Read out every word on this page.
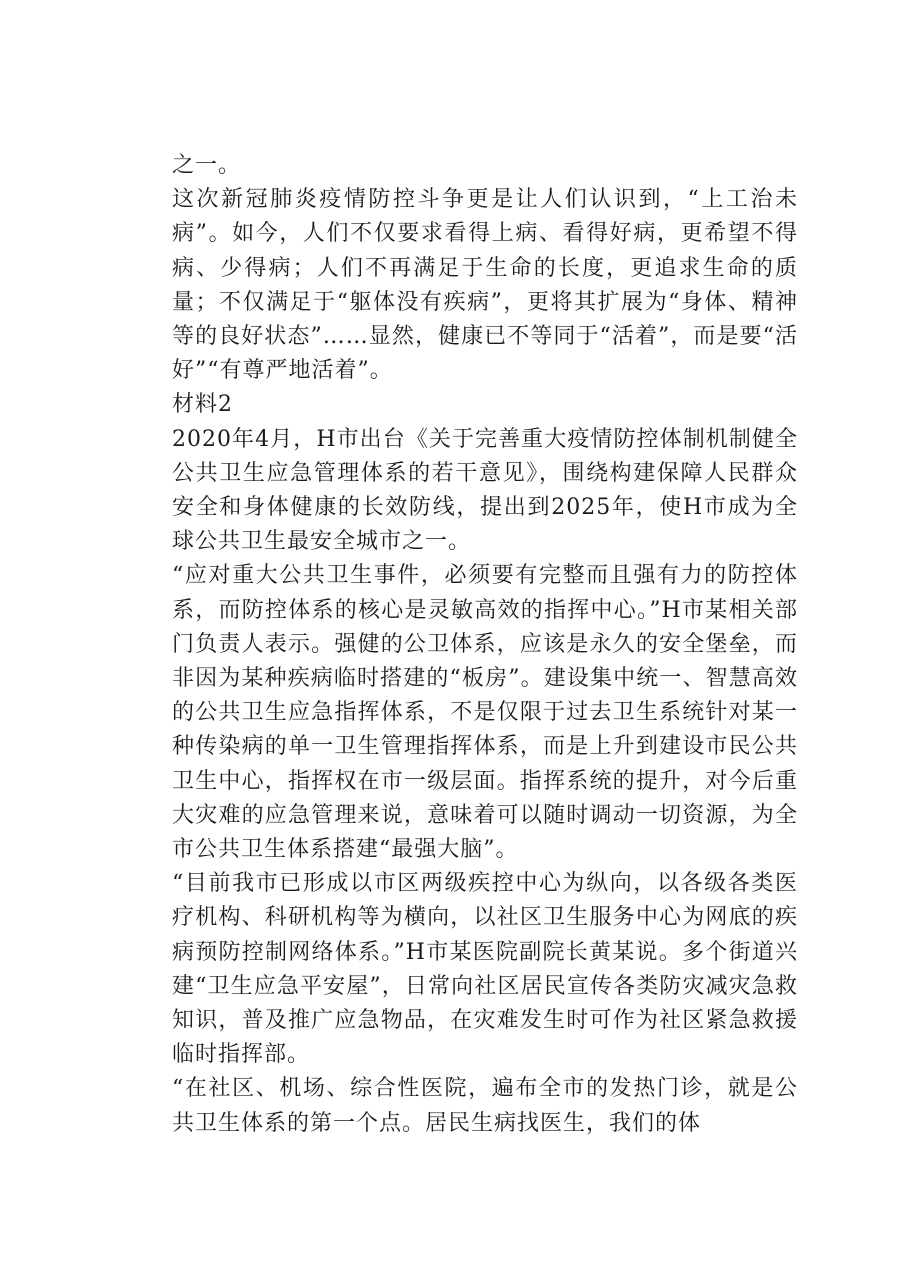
之一。

这次新冠肺炎疫情防控斗争更是让人们认识到，“上工治未病”。如今，人们不仅要求看得上病、看得好病，更希望不得病、少得病；人们不再满足于生命的长度，更追求生命的质量；不仅满足于“躯体没有疾病”，更将其扩展为“身体、精神等的良好状态”……显然，健康已不等同于“活着”，而是要“活好”“有尊严地活着”。

材料2

2020年4月，H市出台《关于完善重大疫情防控体制机制健全公共卫生应急管理体系的若干意见》，围绕构建保障人民群众安全和身体健康的长效防线，提出到2025年，使H市成为全球公共卫生最安全城市之一。

“应对重大公共卫生事件，必须要有完整而且强有力的防控体系，而防控体系的核心是灵敏高效的指挥中心。”H市某相关部门负责人表示。强健的公卫体系，应该是永久的安全堡垒，而非因为某种疾病临时搭建的“板房”。建设集中统一、智慧高效的公共卫生应急指挥体系，不是仅限于过去卫生系统针对某一种传染病的单一卫生管理指挥体系，而是上升到建设市民公共卫生中心，指挥权在市一级层面。指挥系统的提升，对今后重大灾难的应急管理来说，意味着可以随时调动一切资源，为全市公共卫生体系搭建“最强大脑”。

“目前我市已形成以市区两级疾控中心为纵向，以各级各类医疗机构、科研机构等为横向，以社区卫生服务中心为网底的疾病预防控制网络体系。”H市某医院副院长黄某说。多个街道兴建“卫生应急平安屋”，日常向社区居民宣传各类防灾减灾急救知识，普及推广应急物品，在灾难发生时可作为社区紧急救援临时指挥部。

“在社区、机场、综合性医院，遍布全市的发热门诊，就是公共卫生体系的第一个点。居民生病找医生，我们的体
